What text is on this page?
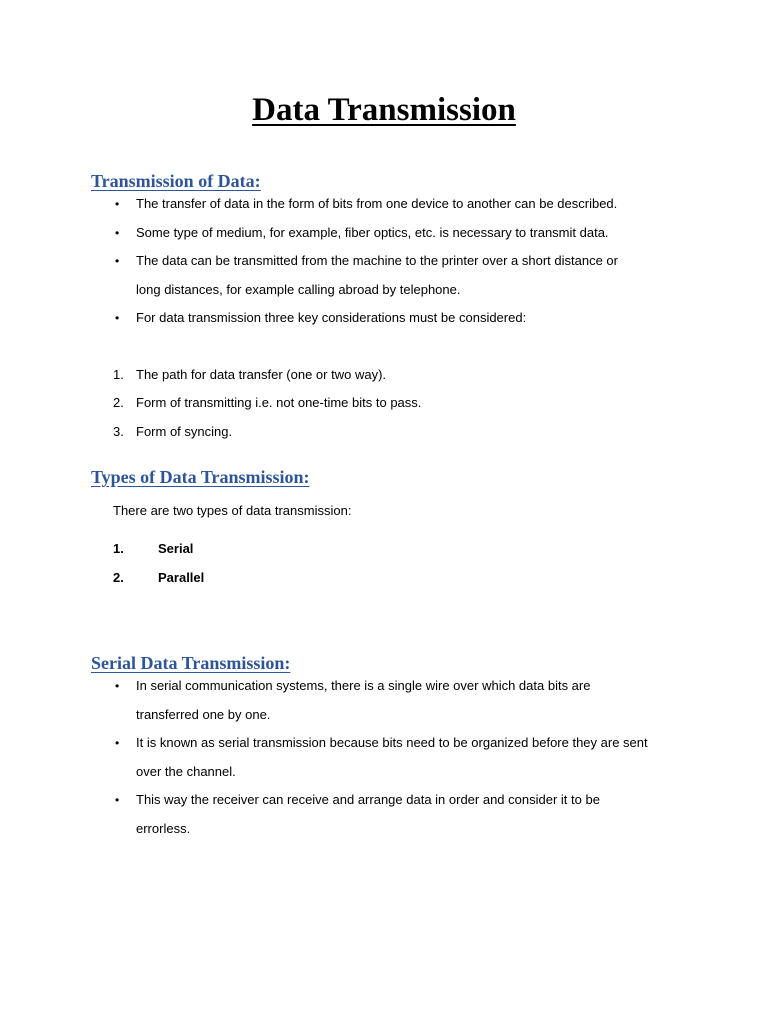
Data Transmission
Transmission of Data:
• The transfer of data in the form of bits from one device to another can be described.
• Some type of medium, for example, fiber optics, etc. is necessary to transmit data.
• The data can be transmitted from the machine to the printer over a short distance or
long distances, for example calling abroad by telephone.
• For data transmission three key considerations must be considered:
1. The path for data transfer (one or two way).
2. Form of transmitting i.e. not one-time bits to pass.
3. Form of syncing.
Types of Data Transmission:
There are two types of data transmission:
1.	Serial
2.	Parallel
Serial Data Transmission:
• In serial communication systems, there is a single wire over which data bits are
transferred one by one.
• It is known as serial transmission because bits need to be organized before they are sent
over the channel.
• This way the receiver can receive and arrange data in order and consider it to be
errorless.
